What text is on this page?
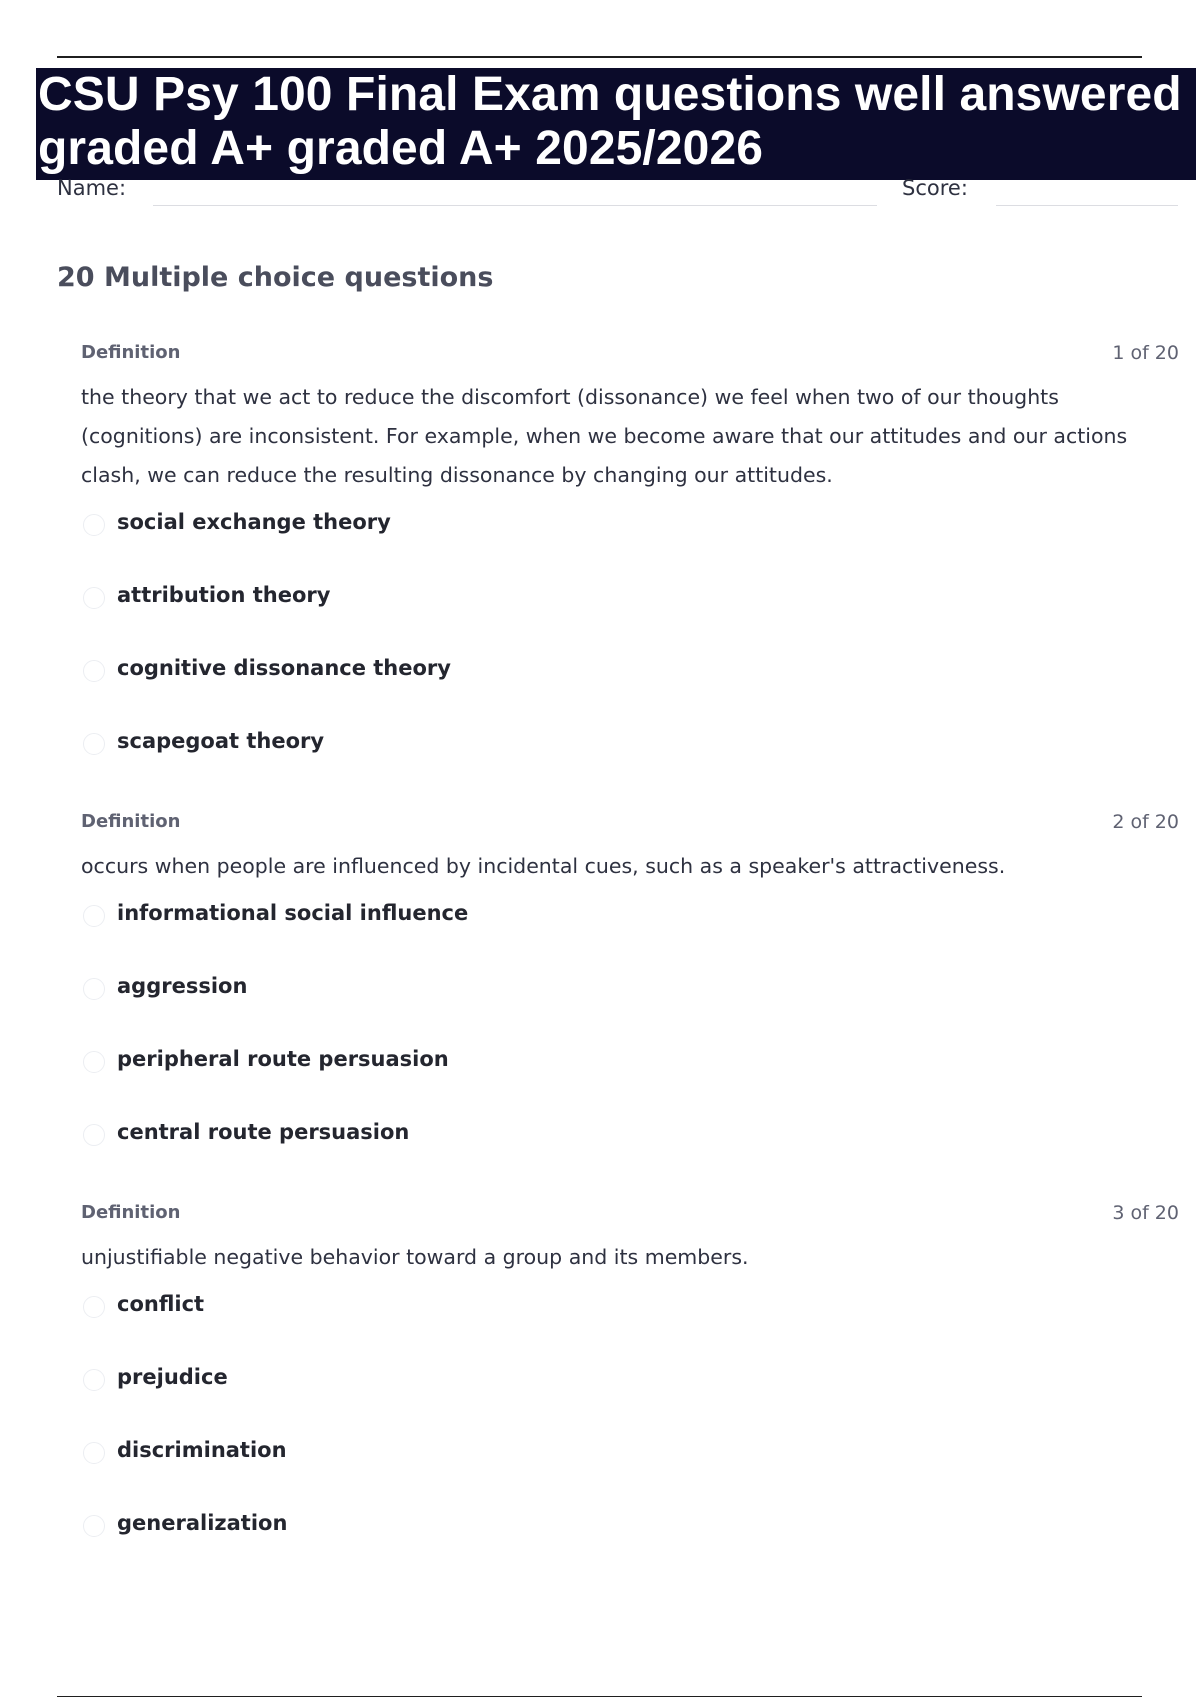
CSU Psy 100 Final Exam questions well answered graded A+ graded A+ 2025/2026
Name:	Score:
20 Multiple choice questions
Definition	1 of 20

the theory that we act to reduce the discomfort (dissonance) we feel when two of our thoughts (cognitions) are inconsistent. For example, when we become aware that our attitudes and our actions clash, we can reduce the resulting dissonance by changing our attitudes.

social exchange theory
attribution theory
cognitive dissonance theory
scapegoat theory
Definition	2 of 20

occurs when people are influenced by incidental cues, such as a speaker's attractiveness.

informational social influence
aggression
peripheral route persuasion
central route persuasion
Definition	3 of 20

unjustifiable negative behavior toward a group and its members.

conflict
prejudice
discrimination
generalization
